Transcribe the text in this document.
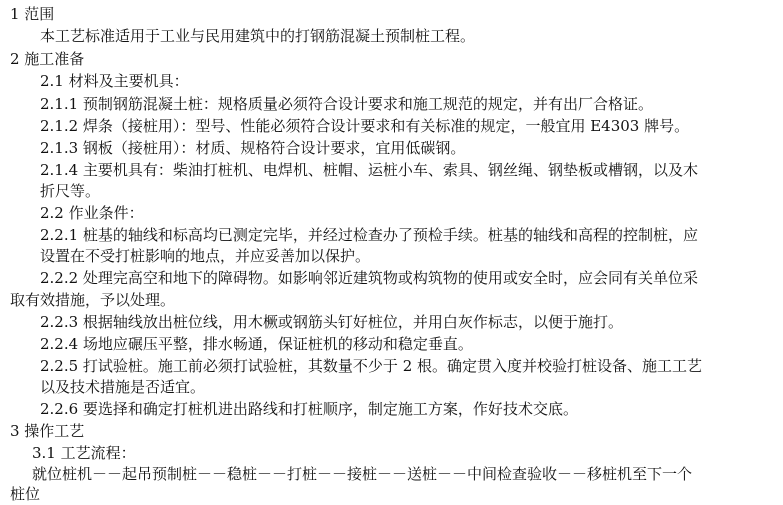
1 范围
本工艺标准适用于工业与民用建筑中的打钢筋混凝土预制桩工程。
2 施工准备
2.1 材料及主要机具：
2.1.1 预制钢筋混凝土桩：规格质量必须符合设计要求和施工规范的规定，并有出厂合格证。
2.1.2 焊条（接桩用）：型号、性能必须符合设计要求和有关标准的规定，一般宜用 E4303 牌号。
2.1.3 钢板（接桩用）：材质、规格符合设计要求，宜用低碳钢。
2.1.4 主要机具有：柴油打桩机、电焊机、桩帽、运桩小车、索具、钢丝绳、钢垫板或槽钢，以及木
折尺等。
2.2 作业条件：
2.2.1 桩基的轴线和标高均已测定完毕，并经过检查办了预检手续。桩基的轴线和高程的控制桩，应
设置在不受打桩影响的地点，并应妥善加以保护。
2.2.2 处理完高空和地下的障碍物。如影响邻近建筑物或构筑物的使用或安全时，应会同有关单位采
取有效措施，予以处理。
2.2.3 根据轴线放出桩位线，用木橛或钢筋头钉好桩位，并用白灰作标志，以便于施打。
2.2.4 场地应碾压平整，排水畅通，保证桩机的移动和稳定垂直。
2.2.5 打试验桩。施工前必须打试验桩，其数量不少于 2 根。确定贯入度并校验打桩设备、施工工艺
以及技术措施是否适宜。
2.2.6 要选择和确定打桩机进出路线和打桩顺序，制定施工方案，作好技术交底。
3 操作工艺
3.1 工艺流程：
就位桩机－－起吊预制桩－－稳桩－－打桩－－接桩－－送桩－－中间检查验收－－移桩机至下一个
桩位
